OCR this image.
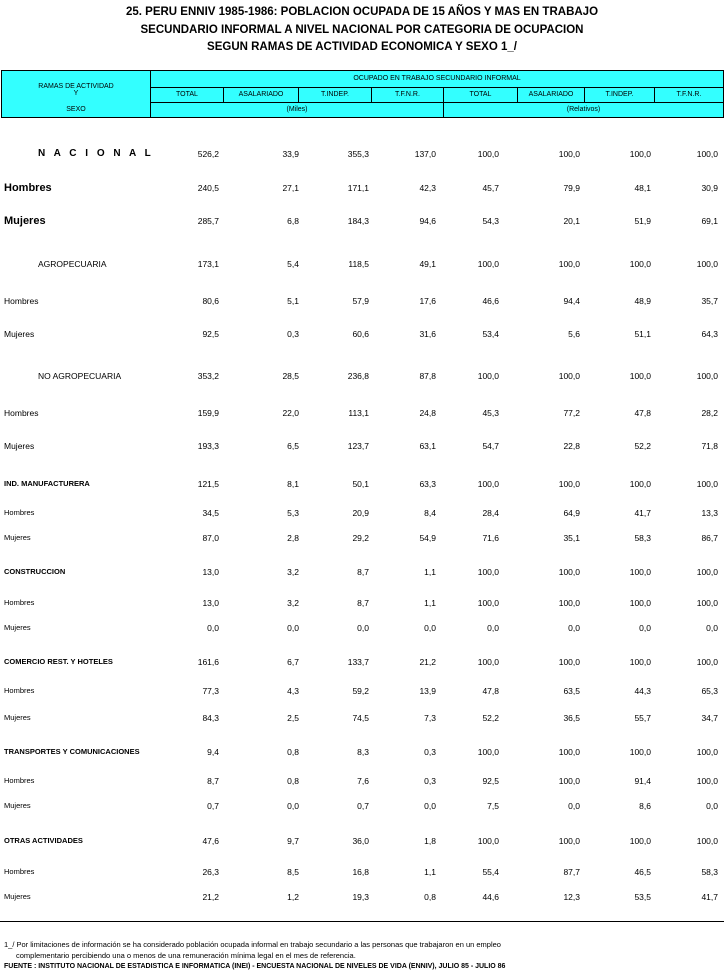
25. PERU ENNIV 1985-1986: POBLACION OCUPADA DE 15 AÑOS Y MAS EN TRABAJO
SECUNDARIO INFORMAL A NIVEL NACIONAL POR CATEGORIA DE OCUPACION
SEGUN RAMAS DE ACTIVIDAD ECONOMICA Y SEXO 1_/
RAMAS DE ACTIVIDAD	OCUPADO EN TRABAJO SECUNDARIO INFORMAL							
	TOTAL	ASALARIADO	T.INDEP.	T.F.N.R.	TOTAL	ASALARIADO	T.INDEP.	T.F.N.R.

Y
SEXO	(Miles)				(Relativos)			
N A C I O N A L	526,2	33,9	355,3	137,0	100,0	100,0	100,0	100,0
Hombres	240,5	27,1	171,1	42,3	45,7	79,9	48,1	30,9
Mujeres	285,7	6,8	184,3	94,6	54,3	20,1	51,9	69,1
AGROPECUARIA	173,1	5,4	118,5	49,1	100,0	100,0	100,0	100,0
Hombres	80,6	5,1	57,9	17,6	46,6	94,4	48,9	35,7
Mujeres	92,5	0,3	60,6	31,6	53,4	5,6	51,1	64,3
NO AGROPECUARIA	353,2	28,5	236,8	87,8	100,0	100,0	100,0	100,0
Hombres	159,9	22,0	113,1	24,8	45,3	77,2	47,8	28,2
Mujeres	193,3	6,5	123,7	63,1	54,7	22,8	52,2	71,8
IND. MANUFACTURERA	121,5	8,1	50,1	63,3	100,0	100,0	100,0	100,0
Hombres	34,5	5,3	20,9	8,4	28,4	64,9	41,7	13,3
Mujeres	87,0	2,8	29,2	54,9	71,6	35,1	58,3	86,7
CONSTRUCCION	13,0	3,2	8,7	1,1	100,0	100,0	100,0	100,0
Hombres	13,0	3,2	8,7	1,1	100,0	100,0	100,0	100,0
Mujeres	0,0	0,0	0,0	0,0	0,0	0,0	0,0	0,0
COMERCIO REST. Y HOTELES	161,6	6,7	133,7	21,2	100,0	100,0	100,0	100,0
Hombres	77,3	4,3	59,2	13,9	47,8	63,5	44,3	65,3
Mujeres	84,3	2,5	74,5	7,3	52,2	36,5	55,7	34,7
TRANSPORTES Y COMUNICACIONES	9,4	0,8	8,3	0,3	100,0	100,0	100,0	100,0
Hombres	8,7	0,8	7,6	0,3	92,5	100,0	91,4	100,0
Mujeres	0,7	0,0	0,7	0,0	7,5	0,0	8,6	0,0
OTRAS ACTIVIDADES	47,6	9,7	36,0	1,8	100,0	100,0	100,0	100,0
Hombres	26,3	8,5	16,8	1,1	55,4	87,7	46,5	58,3
Mujeres	21,2	1,2	19,3	0,8	44,6	12,3	53,5	41,7
1_/ Por limitaciones de información se ha considerado población ocupada informal en trabajo secundario a las personas que trabajaron en un empleo
complementario percibiendo una o menos de una remuneración mínima legal en el mes de referencia.
FUENTE : INSTITUTO NACIONAL DE ESTADISTICA E INFORMATICA (INEI) - ENCUESTA NACIONAL DE NIVELES DE VIDA (ENNIV), JULIO 85 - JULIO 86
